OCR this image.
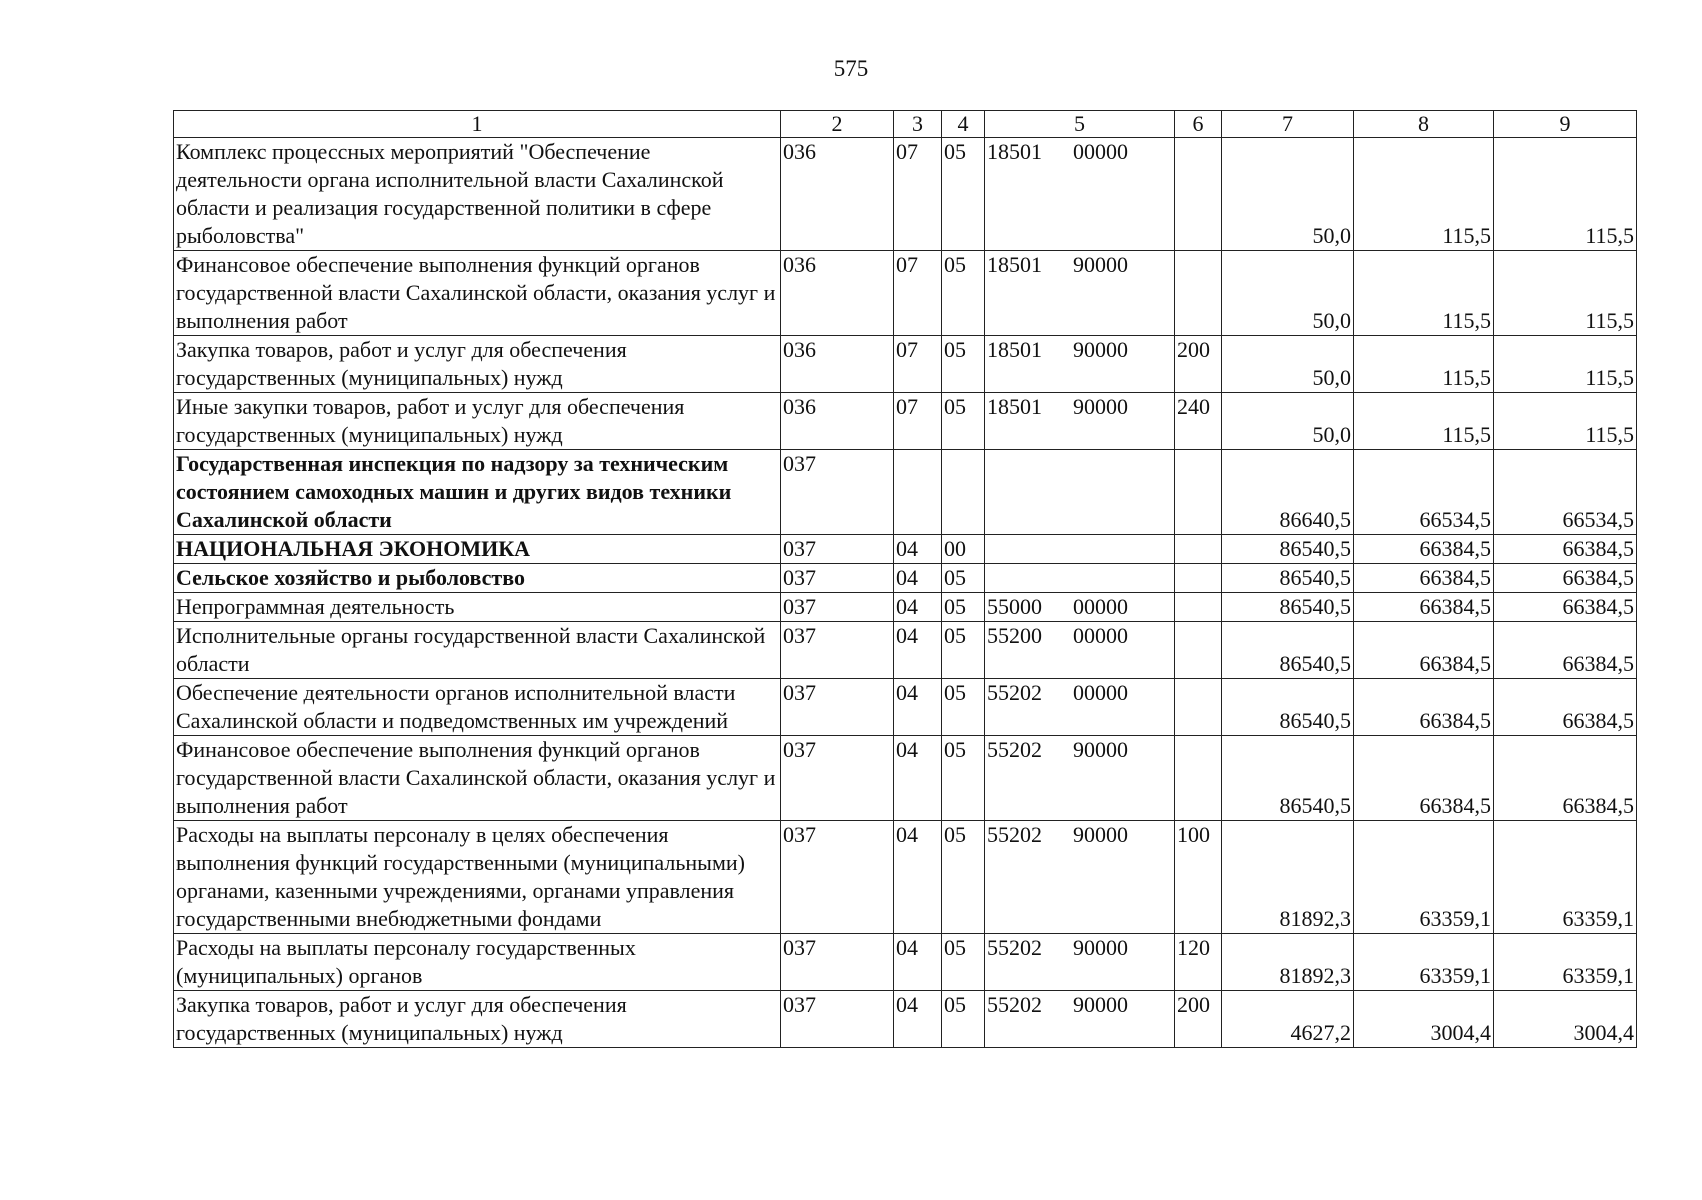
575
1	2	3	4	5	6	7	8	9
Комплекс процессных мероприятий "Обеспечение деятельности органа исполнительной власти Сахалинской области и реализация государственной политики в сфере рыболовства"	036	07	05	18501 00000		50,0	115,5	115,5
Финансовое обеспечение выполнения функций органов государственной власти Сахалинской области, оказания услуг и выполнения работ	036	07	05	18501 90000		50,0	115,5	115,5
Закупка товаров, работ и услуг для обеспечения государственных (муниципальных) нужд	036	07	05	18501 90000	200	50,0	115,5	115,5
Иные закупки товаров, работ и услуг для обеспечения государственных (муниципальных) нужд	036	07	05	18501 90000	240	50,0	115,5	115,5
Государственная инспекция по надзору за техническим состоянием самоходных машин и других видов техники Сахалинской области	037					86640,5	66534,5	66534,5
НАЦИОНАЛЬНАЯ ЭКОНОМИКА	037	04	00			86540,5	66384,5	66384,5
Сельское хозяйство и рыболовство	037	04	05			86540,5	66384,5	66384,5
Непрограммная деятельность	037	04	05	55000 00000		86540,5	66384,5	66384,5
Исполнительные органы государственной власти Сахалинской области	037	04	05	55200 00000		86540,5	66384,5	66384,5
Обеспечение деятельности органов исполнительной власти Сахалинской области и подведомственных им учреждений	037	04	05	55202 00000		86540,5	66384,5	66384,5
Финансовое обеспечение выполнения функций органов государственной власти Сахалинской области, оказания услуг и выполнения работ	037	04	05	55202 90000		86540,5	66384,5	66384,5
Расходы на выплаты персоналу в целях обеспечения выполнения функций государственными (муниципальными) органами, казенными учреждениями, органами управления государственными внебюджетными фондами	037	04	05	55202 90000	100	81892,3	63359,1	63359,1
Расходы на выплаты персоналу государственных (муниципальных) органов	037	04	05	55202 90000	120	81892,3	63359,1	63359,1
Закупка товаров, работ и услуг для обеспечения государственных (муниципальных) нужд	037	04	05	55202 90000	200	4627,2	3004,4	3004,4
